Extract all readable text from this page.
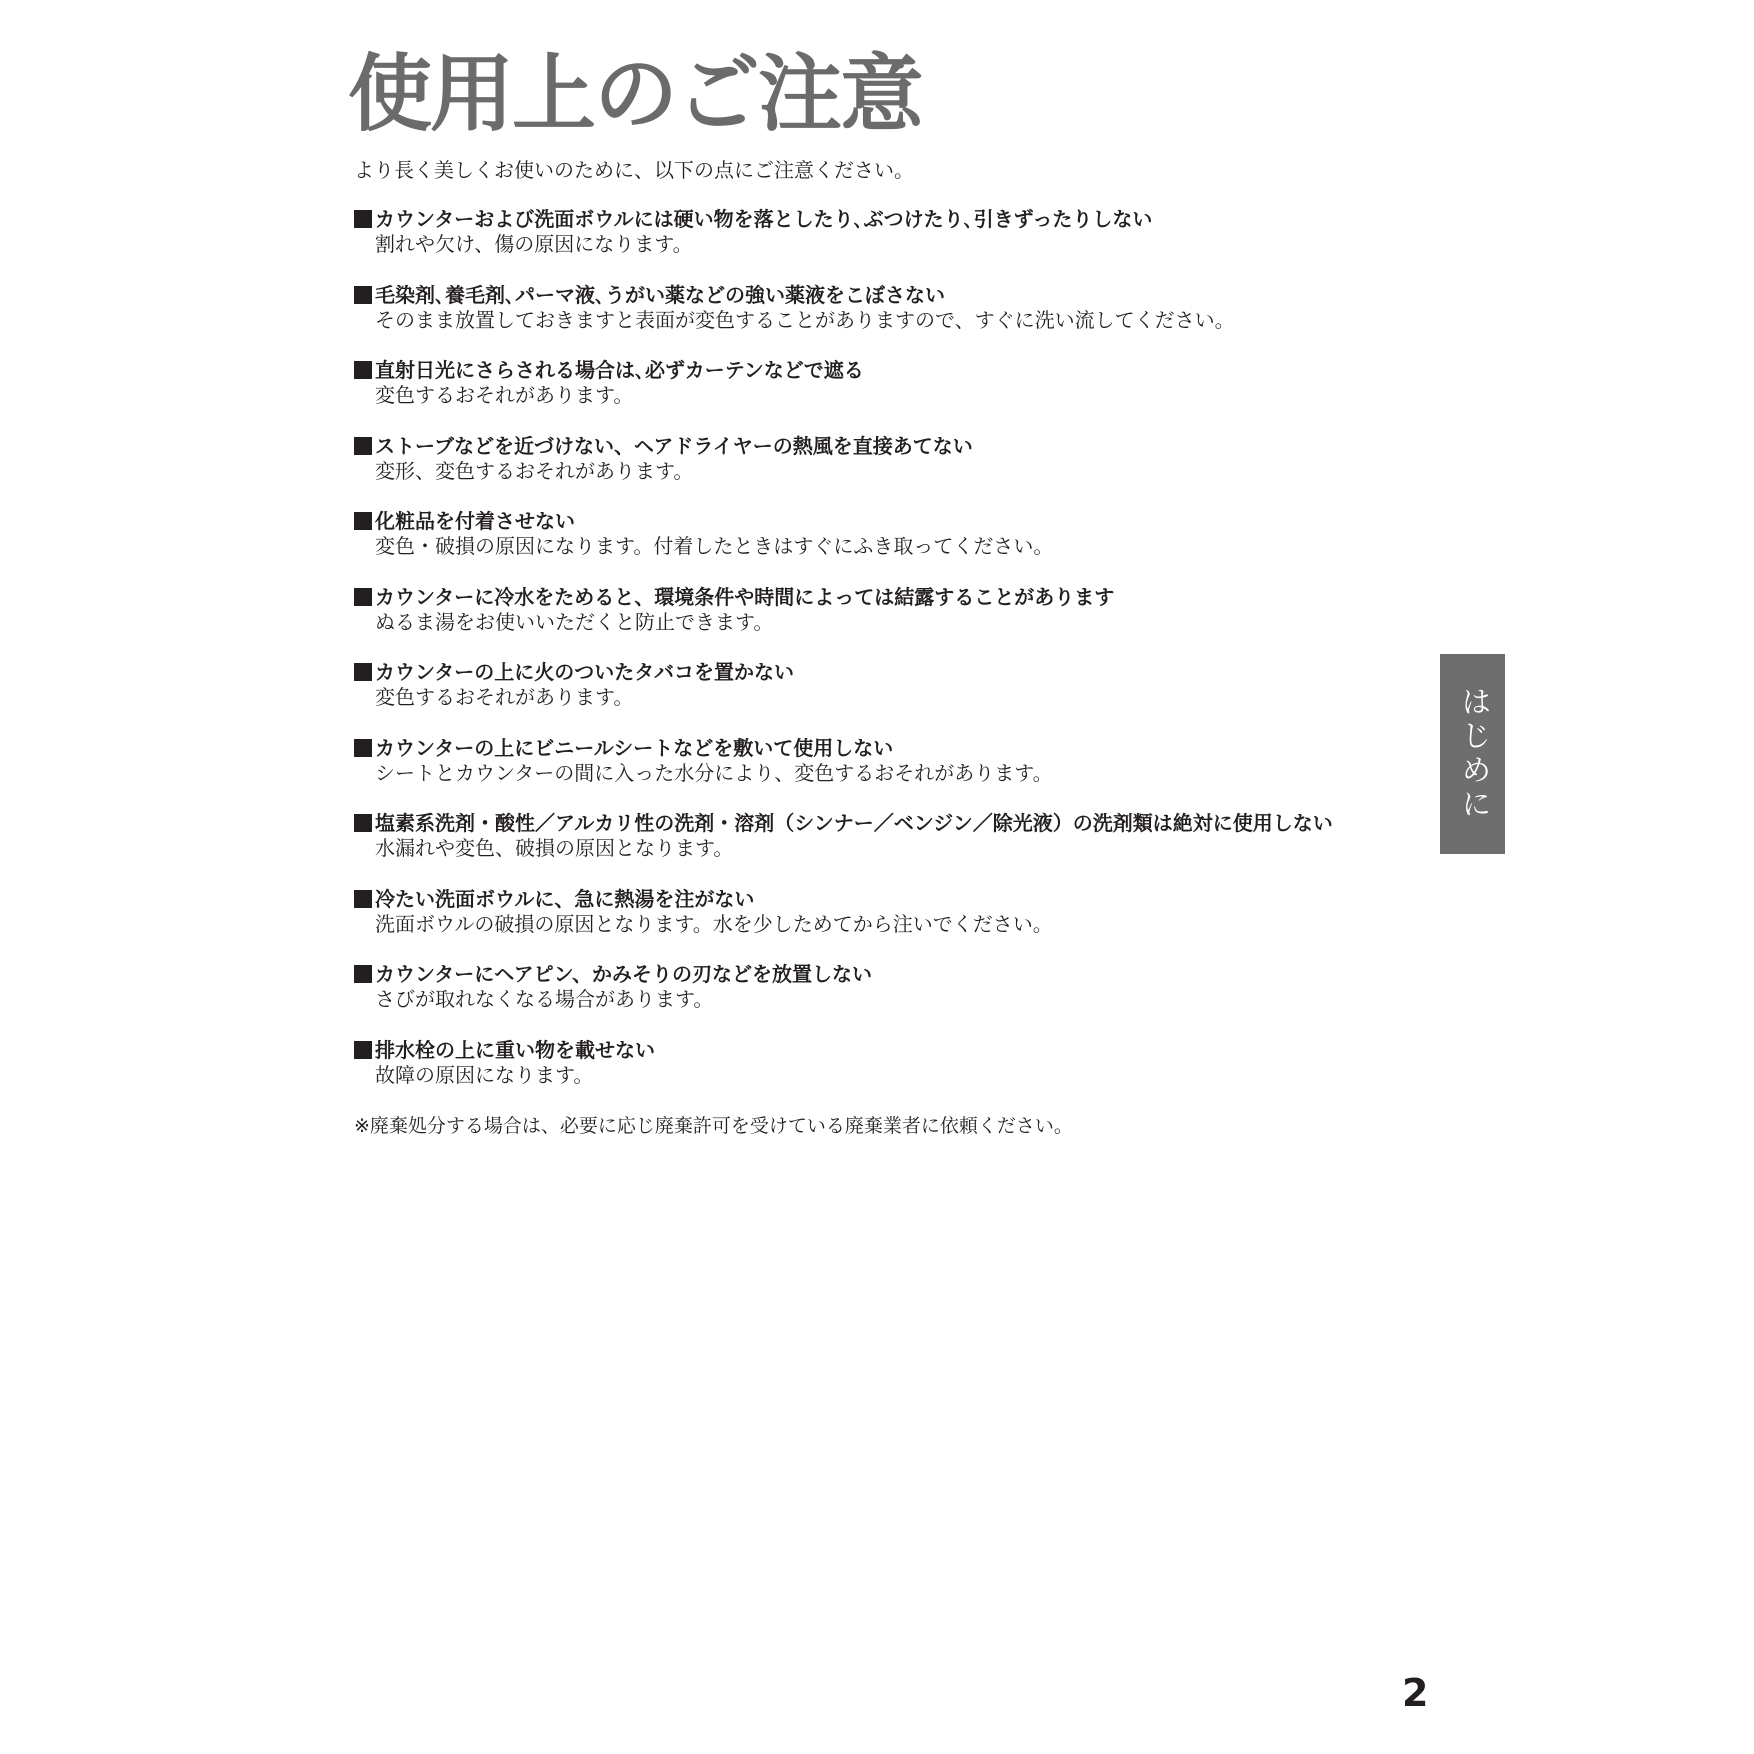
使用上のご注意
より長く美しくお使いのために、以下の点にご注意ください。
カウンターおよび洗面ボウルには硬い物を落としたり､ぶつけたり､引きずったりしない
割れや欠け、傷の原因になります。
毛染剤､養毛剤､パーマ液､うがい薬などの強い薬液をこぼさない
そのまま放置しておきますと表面が変色することがありますので、すぐに洗い流してください。
直射日光にさらされる場合は､必ずカーテンなどで遮る
変色するおそれがあります。
ストーブなどを近づけない、ヘアドライヤーの熱風を直接あてない
変形、変色するおそれがあります。
化粧品を付着させない
変色・破損の原因になります。付着したときはすぐにふき取ってください。
カウンターに冷水をためると、環境条件や時間によっては結露することがあります
ぬるま湯をお使いいただくと防止できます。
カウンターの上に火のついたタバコを置かない
変色するおそれがあります。
カウンターの上にビニールシートなどを敷いて使用しない
シートとカウンターの間に入った水分により、変色するおそれがあります。
塩素系洗剤・酸性／アルカリ性の洗剤・溶剤（シンナー／ベンジン／除光液）の洗剤類は絶対に使用しない
水漏れや変色、破損の原因となります。
冷たい洗面ボウルに、急に熱湯を注がない
洗面ボウルの破損の原因となります。水を少しためてから注いでください。
カウンターにヘアピン、かみそりの刃などを放置しない
さびが取れなくなる場合があります。
排水栓の上に重い物を載せない
故障の原因になります。
※廃棄処分する場合は、必要に応じ廃棄許可を受けている廃棄業者に依頼ください。
はじめに
2
